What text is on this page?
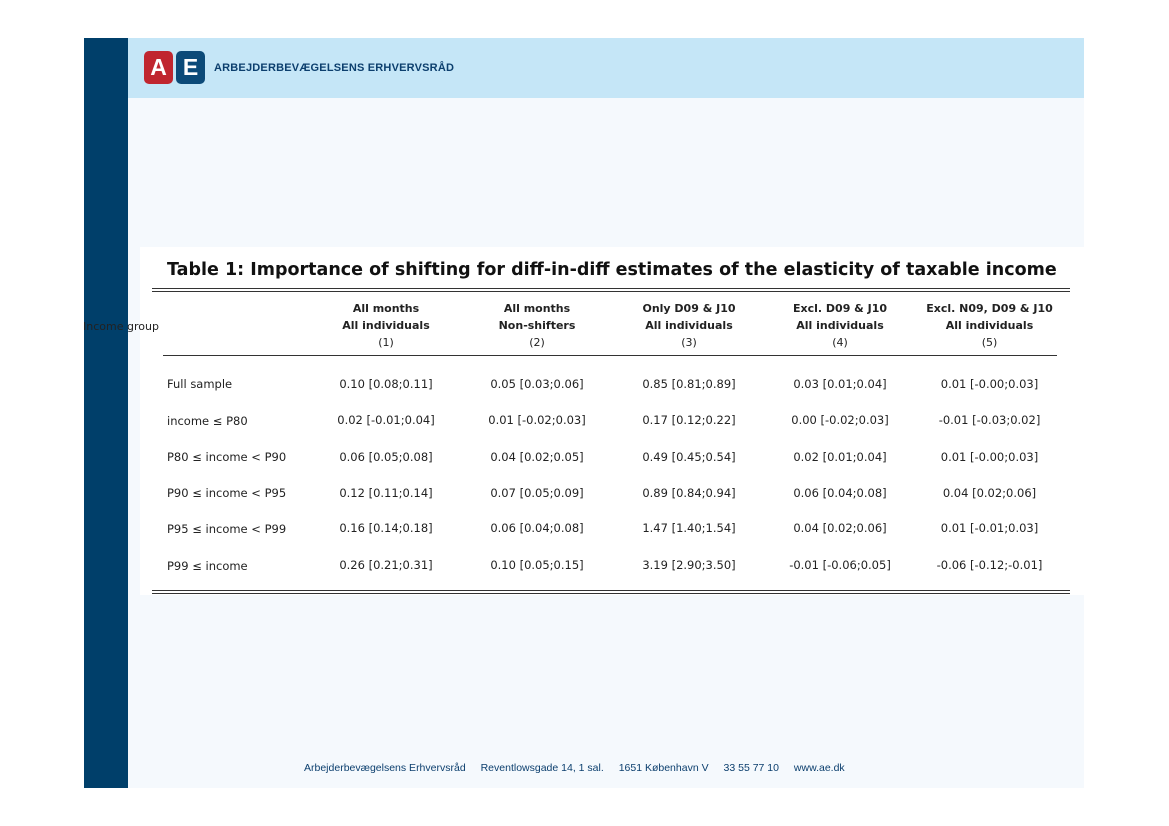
A E	ARBEJDERBEVÆGELSENS ERHVERVSRÅD
Table 1: Importance of shifting for diff-in-diff estimates of the elasticity of taxable income
Income group
All months
All individuals
(1)
All months
Non-shifters
(2)
Only D09 & J10
All individuals
(3)
Excl. D09 & J10
All individuals
(4)
Excl. N09, D09 & J10
All individuals
(5)
Full sample	0.10 [0.08;0.11]	0.05 [0.03;0.06]	0.85 [0.81;0.89]	0.03 [0.01;0.04]	0.01 [-0.00;0.03]
income ≤ P80	0.02 [-0.01;0.04]	0.01 [-0.02;0.03]	0.17 [0.12;0.22]	0.00 [-0.02;0.03]	-0.01 [-0.03;0.02]
P80 ≤ income < P90	0.06 [0.05;0.08]	0.04 [0.02;0.05]	0.49 [0.45;0.54]	0.02 [0.01;0.04]	0.01 [-0.00;0.03]
P90 ≤ income < P95	0.12 [0.11;0.14]	0.07 [0.05;0.09]	0.89 [0.84;0.94]	0.06 [0.04;0.08]	0.04 [0.02;0.06]
P95 ≤ income < P99	0.16 [0.14;0.18]	0.06 [0.04;0.08]	1.47 [1.40;1.54]	0.04 [0.02;0.06]	0.01 [-0.01;0.03]
P99 ≤ income	0.26 [0.21;0.31]	0.10 [0.05;0.15]	3.19 [2.90;3.50]	-0.01 [-0.06;0.05]	-0.06 [-0.12;-0.01]
Arbejderbevægelsens Erhvervsråd Reventlowsgade 14, 1 sal. 1651 København V 33 55 77 10 www.ae.dk
